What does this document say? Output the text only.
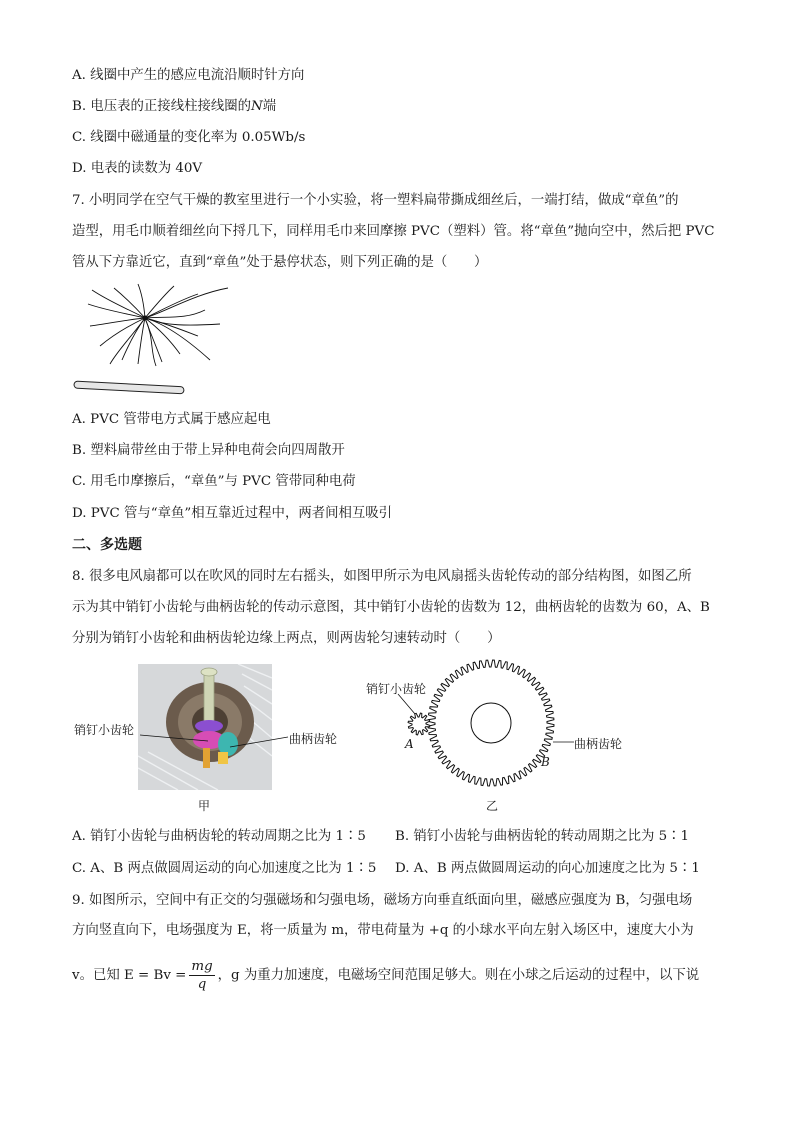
A. 线圈中产生的感应电流沿顺时针方向
B. 电压表的正接线柱接线圈的N端
C. 线圈中磁通量的变化率为 0.05Wb/s
D. 电表的读数为 40V
7. 小明同学在空气干燥的教室里进行一个小实验，将一塑料扁带撕成细丝后，一端打结，做成“章鱼”的
造型，用毛巾顺着细丝向下捋几下，同样用毛巾来回摩擦 PVC（塑料）管。将“章鱼”抛向空中，然后把 PVC
管从下方靠近它，直到“章鱼”处于悬停状态，则下列正确的是（　　）
A. PVC 管带电方式属于感应起电
B. 塑料扁带丝由于带上异种电荷会向四周散开
C. 用毛巾摩擦后，“章鱼”与 PVC 管带同种电荷
D. PVC 管与“章鱼”相互靠近过程中，两者间相互吸引
二、多选题
8. 很多电风扇都可以在吹风的同时左右摇头，如图甲所示为电风扇摇头齿轮传动的部分结构图，如图乙所
示为其中销钉小齿轮与曲柄齿轮的传动示意图，其中销钉小齿轮的齿数为 12，曲柄齿轮的齿数为 60，A、B
分别为销钉小齿轮和曲柄齿轮边缘上两点，则两齿轮匀速转动时（　　）
销钉小齿轮
曲柄齿轮
甲
销钉小齿轮
曲柄齿轮
A
B
乙
A. 销钉小齿轮与曲柄齿轮的转动周期之比为 1∶5 B. 销钉小齿轮与曲柄齿轮的转动周期之比为 5∶1
C. A、B 两点做圆周运动的向心加速度之比为 1∶5 D. A、B 两点做圆周运动的向心加速度之比为 5∶1
9. 如图所示，空间中有正交的匀强磁场和匀强电场，磁场方向垂直纸面向里，磁感应强度为 B，匀强电场
方向竖直向下，电场强度为 E，将一质量为 m，带电荷量为 +q 的小球水平向左射入场区中，速度大小为
v。已知 $E = Bv = \frac{mg}{q}$ ，g 为重力加速度，电磁场空间范围足够大。则在小球之后运动的过程中，以下说
